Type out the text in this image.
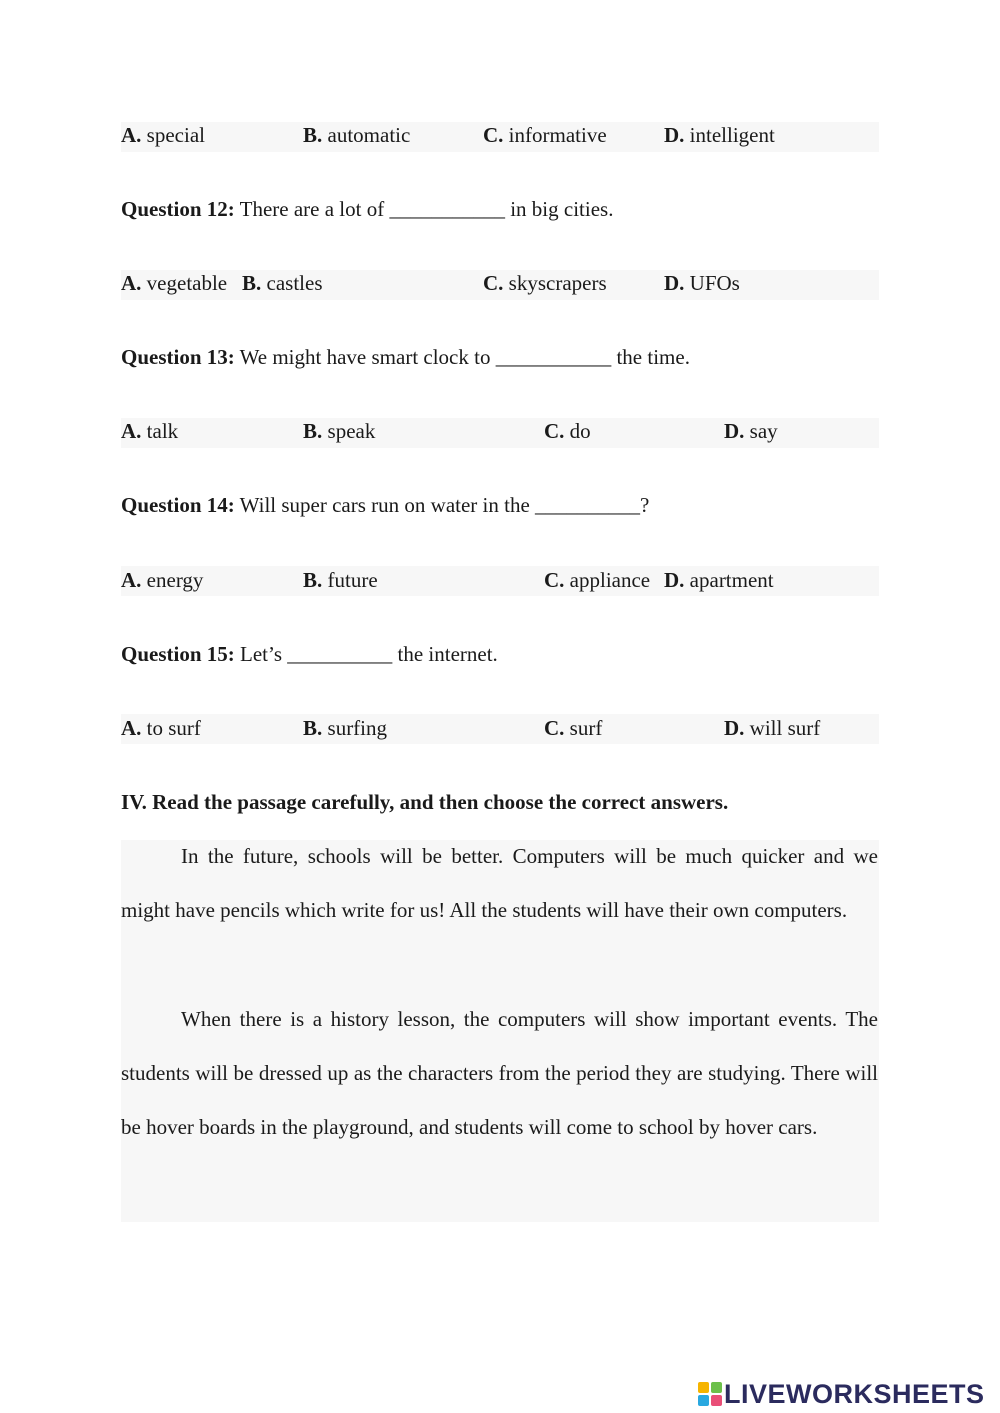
A. special	B. automatic	C. informative	D. intelligent
Question 12: There are a lot of ___________ in big cities.
A. vegetable B. castles	C. skyscrapers	D. UFOs
Question 13: We might have smart clock to ___________ the time.
A. talk	B. speak	C. do	D. say
Question 14: Will super cars run on water in the __________?
A. energy	B. future	C. appliance D. apartment
Question 15: Let’s __________ the internet.
A. to surf	B. surfing	C. surf	D. will surf
IV. Read the passage carefully, and then choose the correct answers.
In the future, schools will be better. Computers will be much quicker and we might have pencils which write for us! All the students will have their own computers.
When there is a history lesson, the computers will show important events. The students will be dressed up as the characters from the period they are studying. There will be hover boards in the playground, and students will come to school by hover cars.
LIVEWORKSHEETS
